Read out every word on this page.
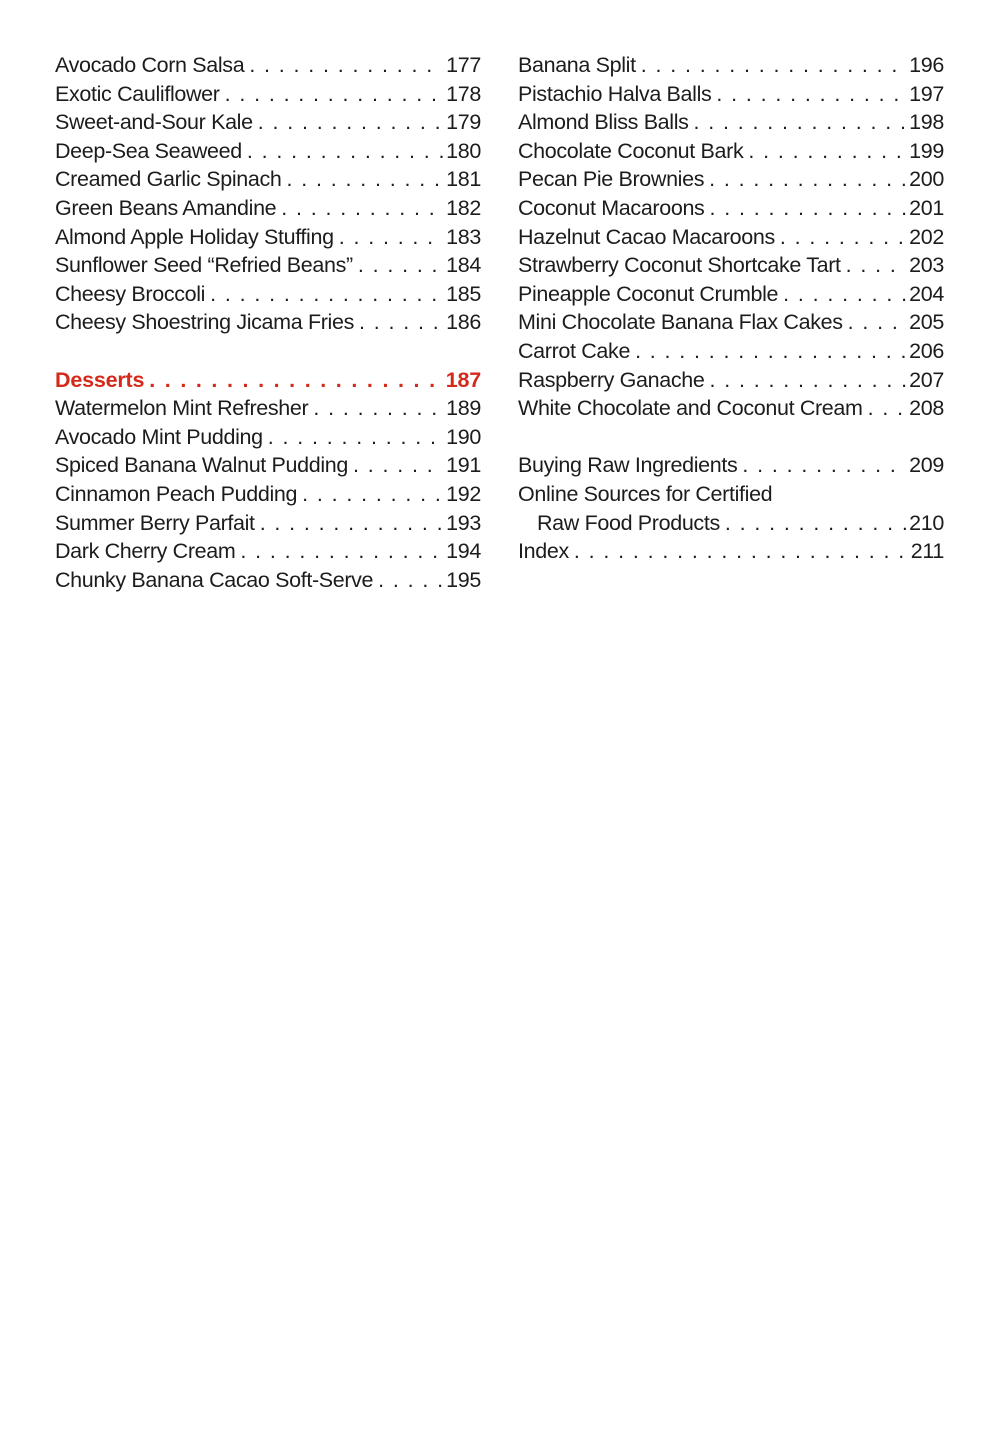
Avocado Corn Salsa . . .	177
Exotic Cauliflower . . .	178
Sweet-and-Sour Kale . . .	179
Deep-Sea Seaweed . . .	180
Creamed Garlic Spinach . . .	181
Green Beans Amandine . . .	182
Almond Apple Holiday Stuffing . . .	183
Sunflower Seed “Refried Beans” . . .	184
Cheesy Broccoli . . .	185
Cheesy Shoestring Jicama Fries . . .	186
Desserts . . .	187
Watermelon Mint Refresher . . .	189
Avocado Mint Pudding . . .	190
Spiced Banana Walnut Pudding . . .	191
Cinnamon Peach Pudding . . .	192
Summer Berry Parfait . . .	193
Dark Cherry Cream . . .	194
Chunky Banana Cacao Soft-Serve . . .	195
Banana Split . . .	196
Pistachio Halva Balls . . .	197
Almond Bliss Balls . . .	198
Chocolate Coconut Bark . . .	199
Pecan Pie Brownies . . .	200
Coconut Macaroons . . .	201
Hazelnut Cacao Macaroons . . .	202
Strawberry Coconut Shortcake Tart . . .	203
Pineapple Coconut Crumble . . .	204
Mini Chocolate Banana Flax Cakes . . .	205
Carrot Cake . . .	206
Raspberry Ganache . . .	207
White Chocolate and Coconut Cream . . . 208
Buying Raw Ingredients . . .	209
Online Sources for Certified
Raw Food Products . . .	210
Index . . .	211
